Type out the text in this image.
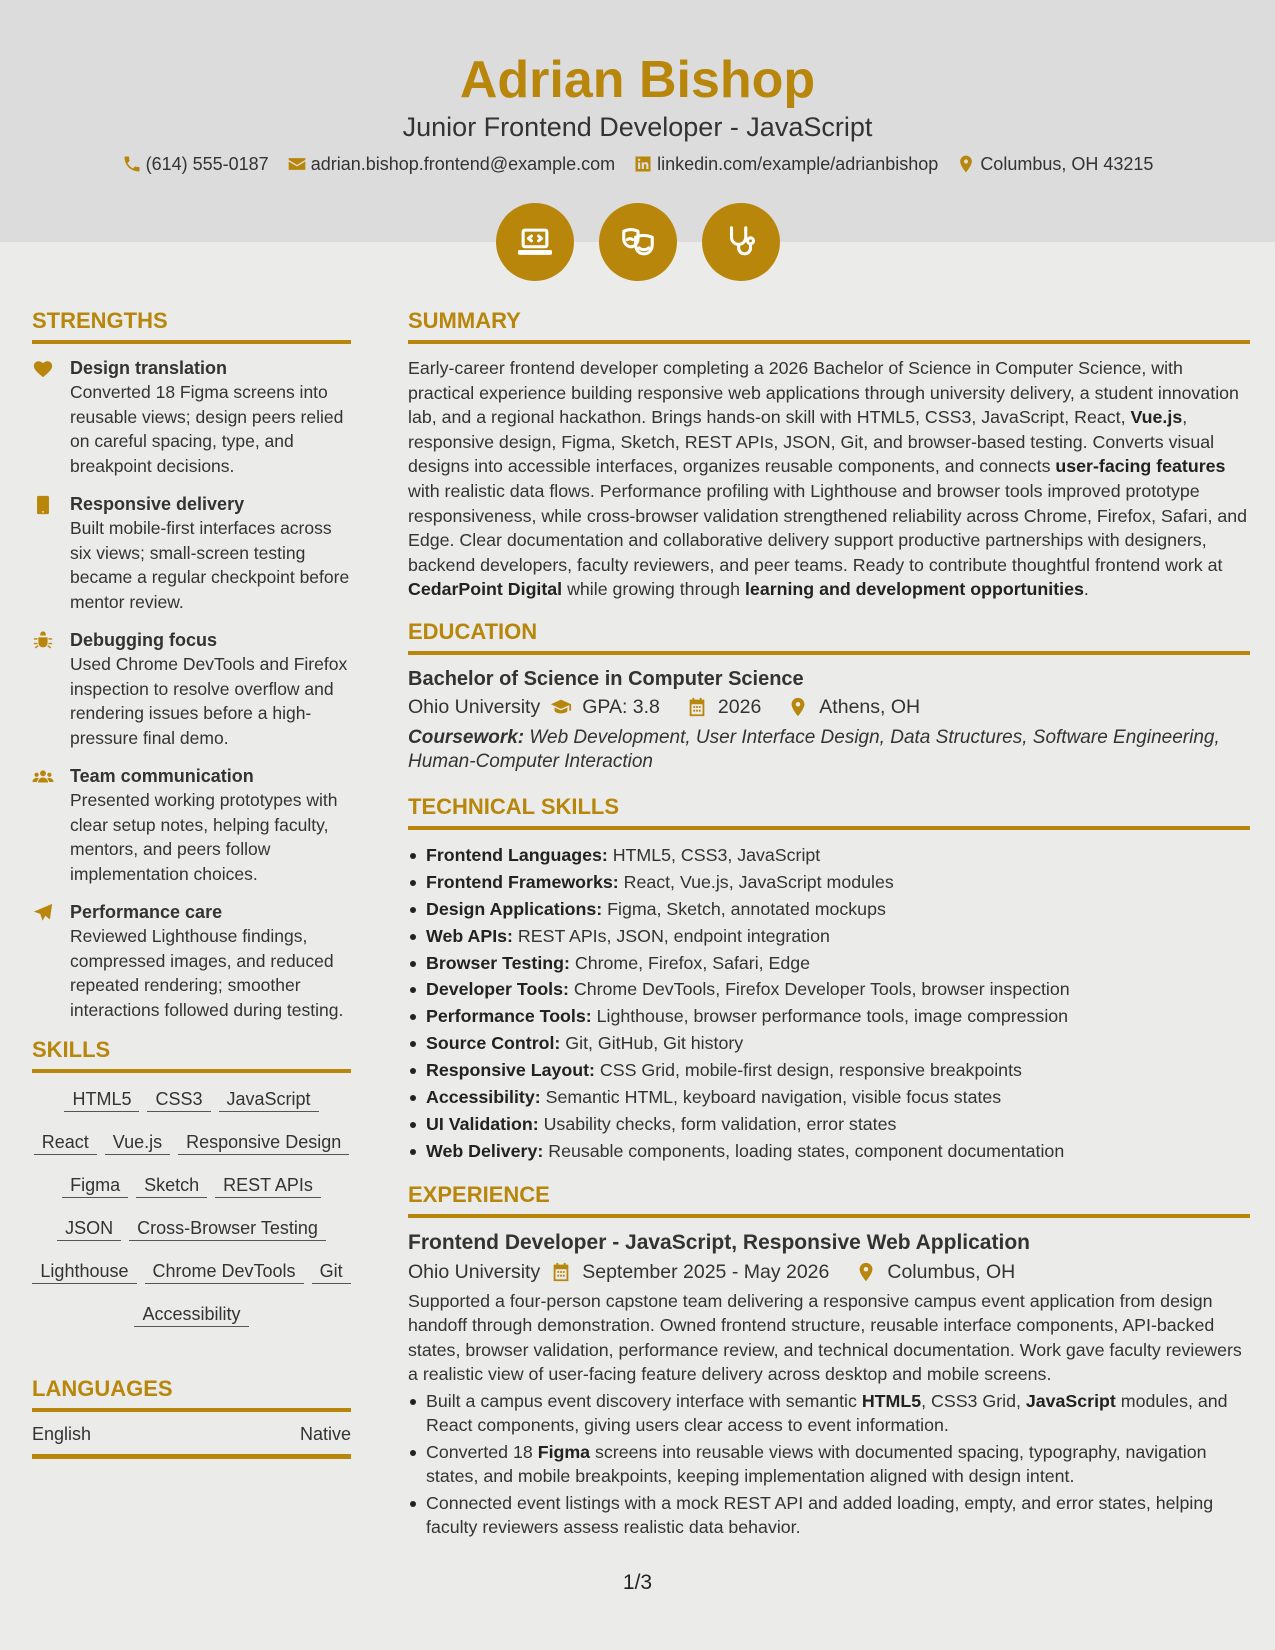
Adrian Bishop
Junior Frontend Developer - JavaScript
(614) 555-0187 adrian.bishop.frontend@example.com linkedin.com/example/adrianbishop Columbus, OH 43215
STRENGTHS
Design translation
Converted 18 Figma screens into reusable views; design peers relied on careful spacing, type, and breakpoint decisions.
Responsive delivery
Built mobile-first interfaces across six views; small-screen testing became a regular checkpoint before mentor review.
Debugging focus
Used Chrome DevTools and Firefox inspection to resolve overflow and rendering issues before a high-pressure final demo.
Team communication
Presented working prototypes with clear setup notes, helping faculty, mentors, and peers follow implementation choices.
Performance care
Reviewed Lighthouse findings, compressed images, and reduced repeated rendering; smoother interactions followed during testing.
SKILLS
HTML5	CSS3	JavaScript
React	Vue.js	Responsive Design
Figma	Sketch	REST APIs
JSON	Cross-Browser Testing
Lighthouse	Chrome DevTools	Git
Accessibility
LANGUAGES
English	Native
SUMMARY
Early-career frontend developer completing a 2026 Bachelor of Science in Computer Science, with practical experience building responsive web applications through university delivery, a student innovation lab, and a regional hackathon. Brings hands-on skill with HTML5, CSS3, JavaScript, React, Vue.js, responsive design, Figma, Sketch, REST APIs, JSON, Git, and browser-based testing. Converts visual designs into accessible interfaces, organizes reusable components, and connects user-facing features with realistic data flows. Performance profiling with Lighthouse and browser tools improved prototype responsiveness, while cross-browser validation strengthened reliability across Chrome, Firefox, Safari, and Edge. Clear documentation and collaborative delivery support productive partnerships with designers, backend developers, faculty reviewers, and peer teams. Ready to contribute thoughtful frontend work at CedarPoint Digital while growing through learning and development opportunities.
EDUCATION
Bachelor of Science in Computer Science
Ohio University GPA: 3.8	2026	Athens, OH
Coursework: Web Development, User Interface Design, Data Structures, Software Engineering, Human-Computer Interaction
TECHNICAL SKILLS
Frontend Languages: HTML5, CSS3, JavaScript
Frontend Frameworks: React, Vue.js, JavaScript modules
Design Applications: Figma, Sketch, annotated mockups
Web APIs: REST APIs, JSON, endpoint integration
Browser Testing: Chrome, Firefox, Safari, Edge
Developer Tools: Chrome DevTools, Firefox Developer Tools, browser inspection
Performance Tools: Lighthouse, browser performance tools, image compression
Source Control: Git, GitHub, Git history
Responsive Layout: CSS Grid, mobile-first design, responsive breakpoints
Accessibility: Semantic HTML, keyboard navigation, visible focus states
UI Validation: Usability checks, form validation, error states
Web Delivery: Reusable components, loading states, component documentation
EXPERIENCE
Frontend Developer - JavaScript, Responsive Web Application
Ohio University September 2025 - May 2026	Columbus, OH
Supported a four-person capstone team delivering a responsive campus event application from design handoff through demonstration. Owned frontend structure, reusable interface components, API-backed states, browser validation, performance review, and technical documentation. Work gave faculty reviewers a realistic view of user-facing feature delivery across desktop and mobile screens.
Built a campus event discovery interface with semantic HTML5, CSS3 Grid, JavaScript modules, and React components, giving users clear access to event information.
Converted 18 Figma screens into reusable views with documented spacing, typography, navigation states, and mobile breakpoints, keeping implementation aligned with design intent.
Connected event listings with a mock REST API and added loading, empty, and error states, helping faculty reviewers assess realistic data behavior.
1/3
